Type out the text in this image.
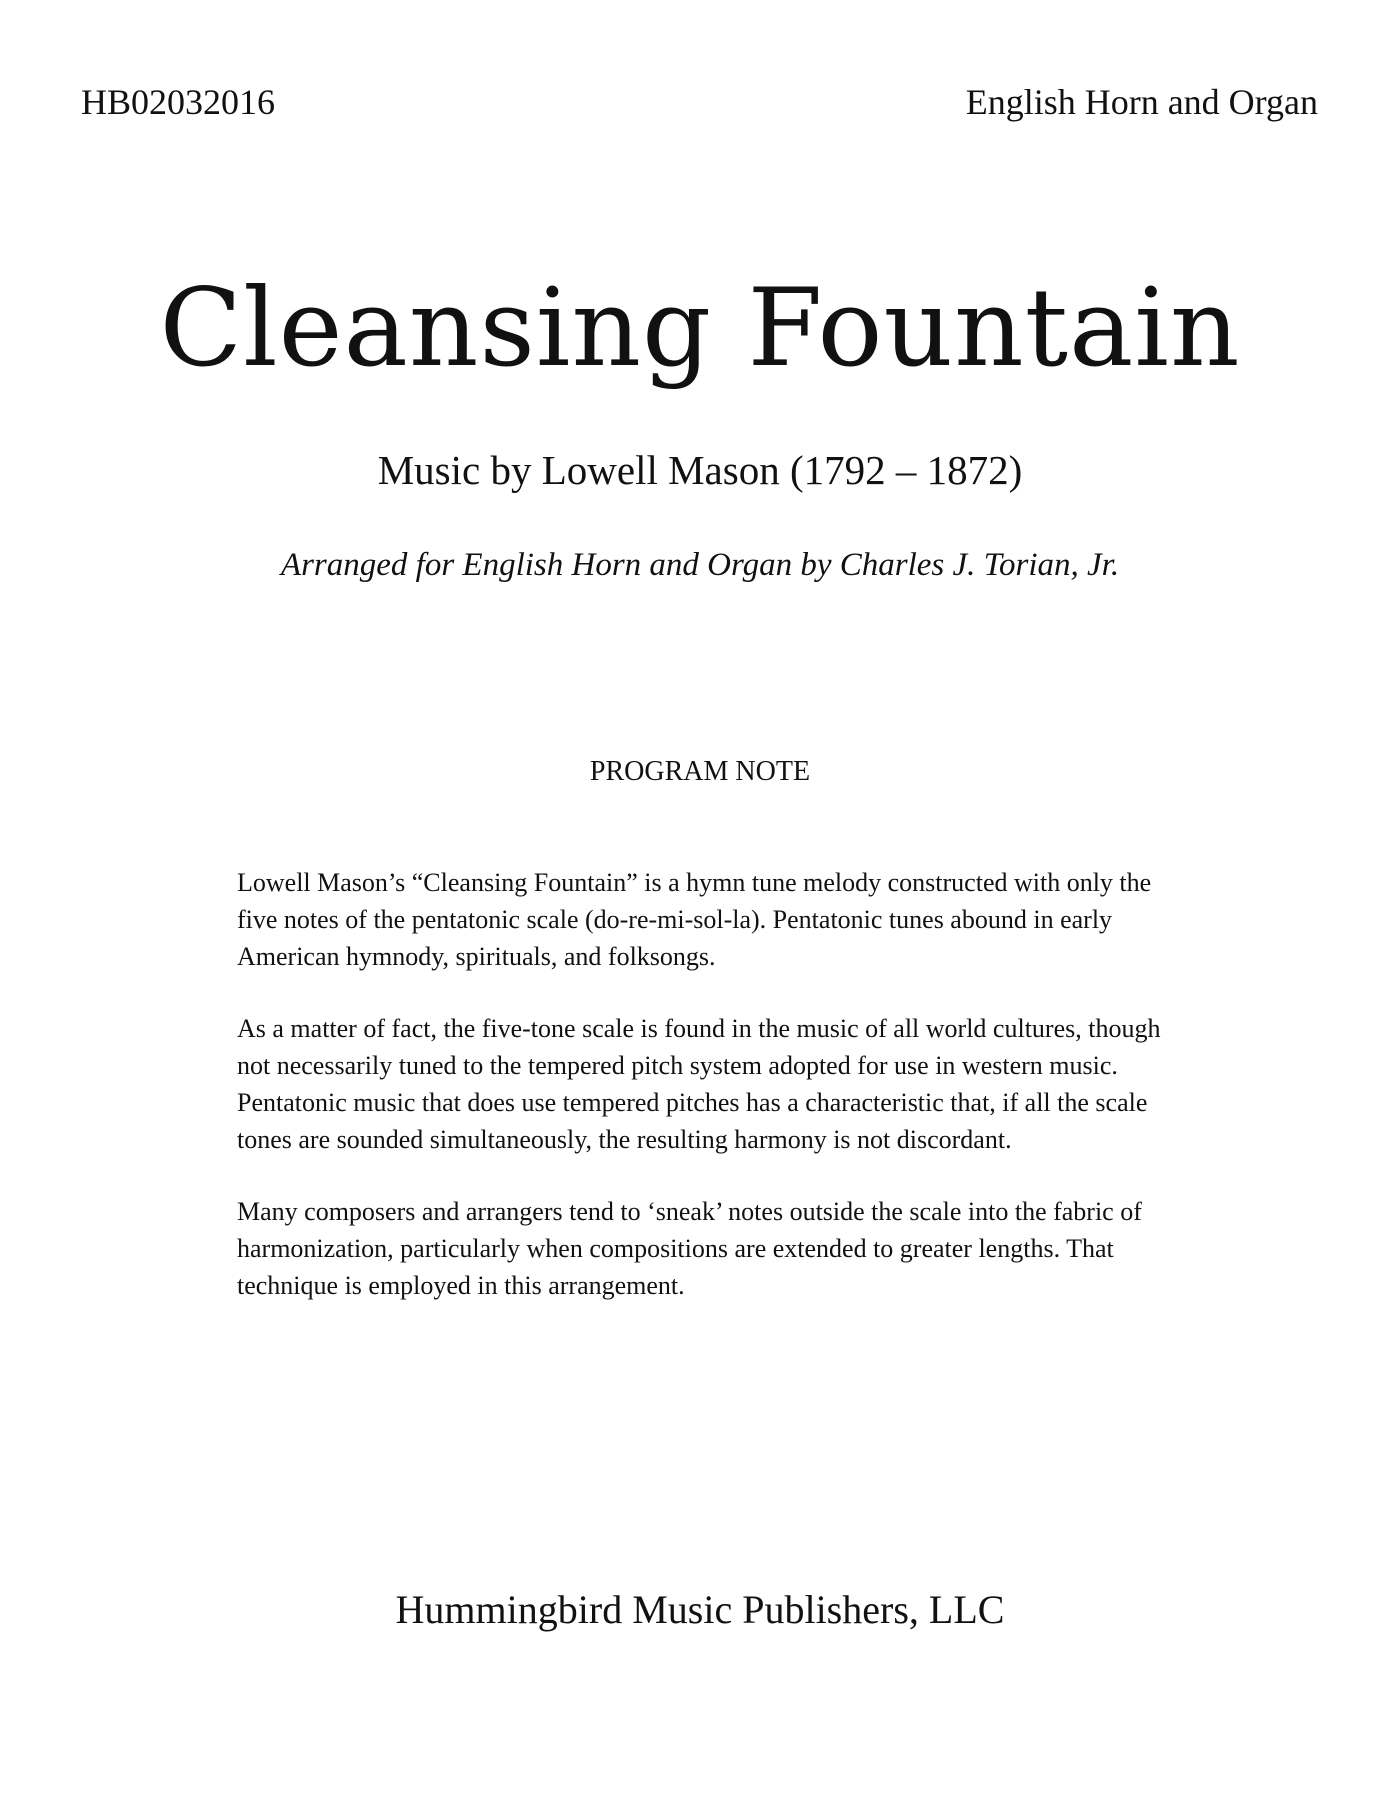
HB02032016	English Horn and Organ
Cleansing Fountain
Music by Lowell Mason (1792 – 1872)
Arranged for English Horn and Organ by Charles J. Torian, Jr.
PROGRAM NOTE

Lowell Mason’s “Cleansing Fountain” is a hymn tune melody constructed with only the
five notes of the pentatonic scale (do-re-mi-sol-la). Pentatonic tunes abound in early
American hymnody, spirituals, and folksongs.

As a matter of fact, the five-tone scale is found in the music of all world cultures, though
not necessarily tuned to the tempered pitch system adopted for use in western music.
Pentatonic music that does use tempered pitches has a characteristic that, if all the scale
tones are sounded simultaneously, the resulting harmony is not discordant.

Many composers and arrangers tend to ‘sneak’ notes outside the scale into the fabric of
harmonization, particularly when compositions are extended to greater lengths. That
technique is employed in this arrangement.

Hummingbird Music Publishers, LLC
